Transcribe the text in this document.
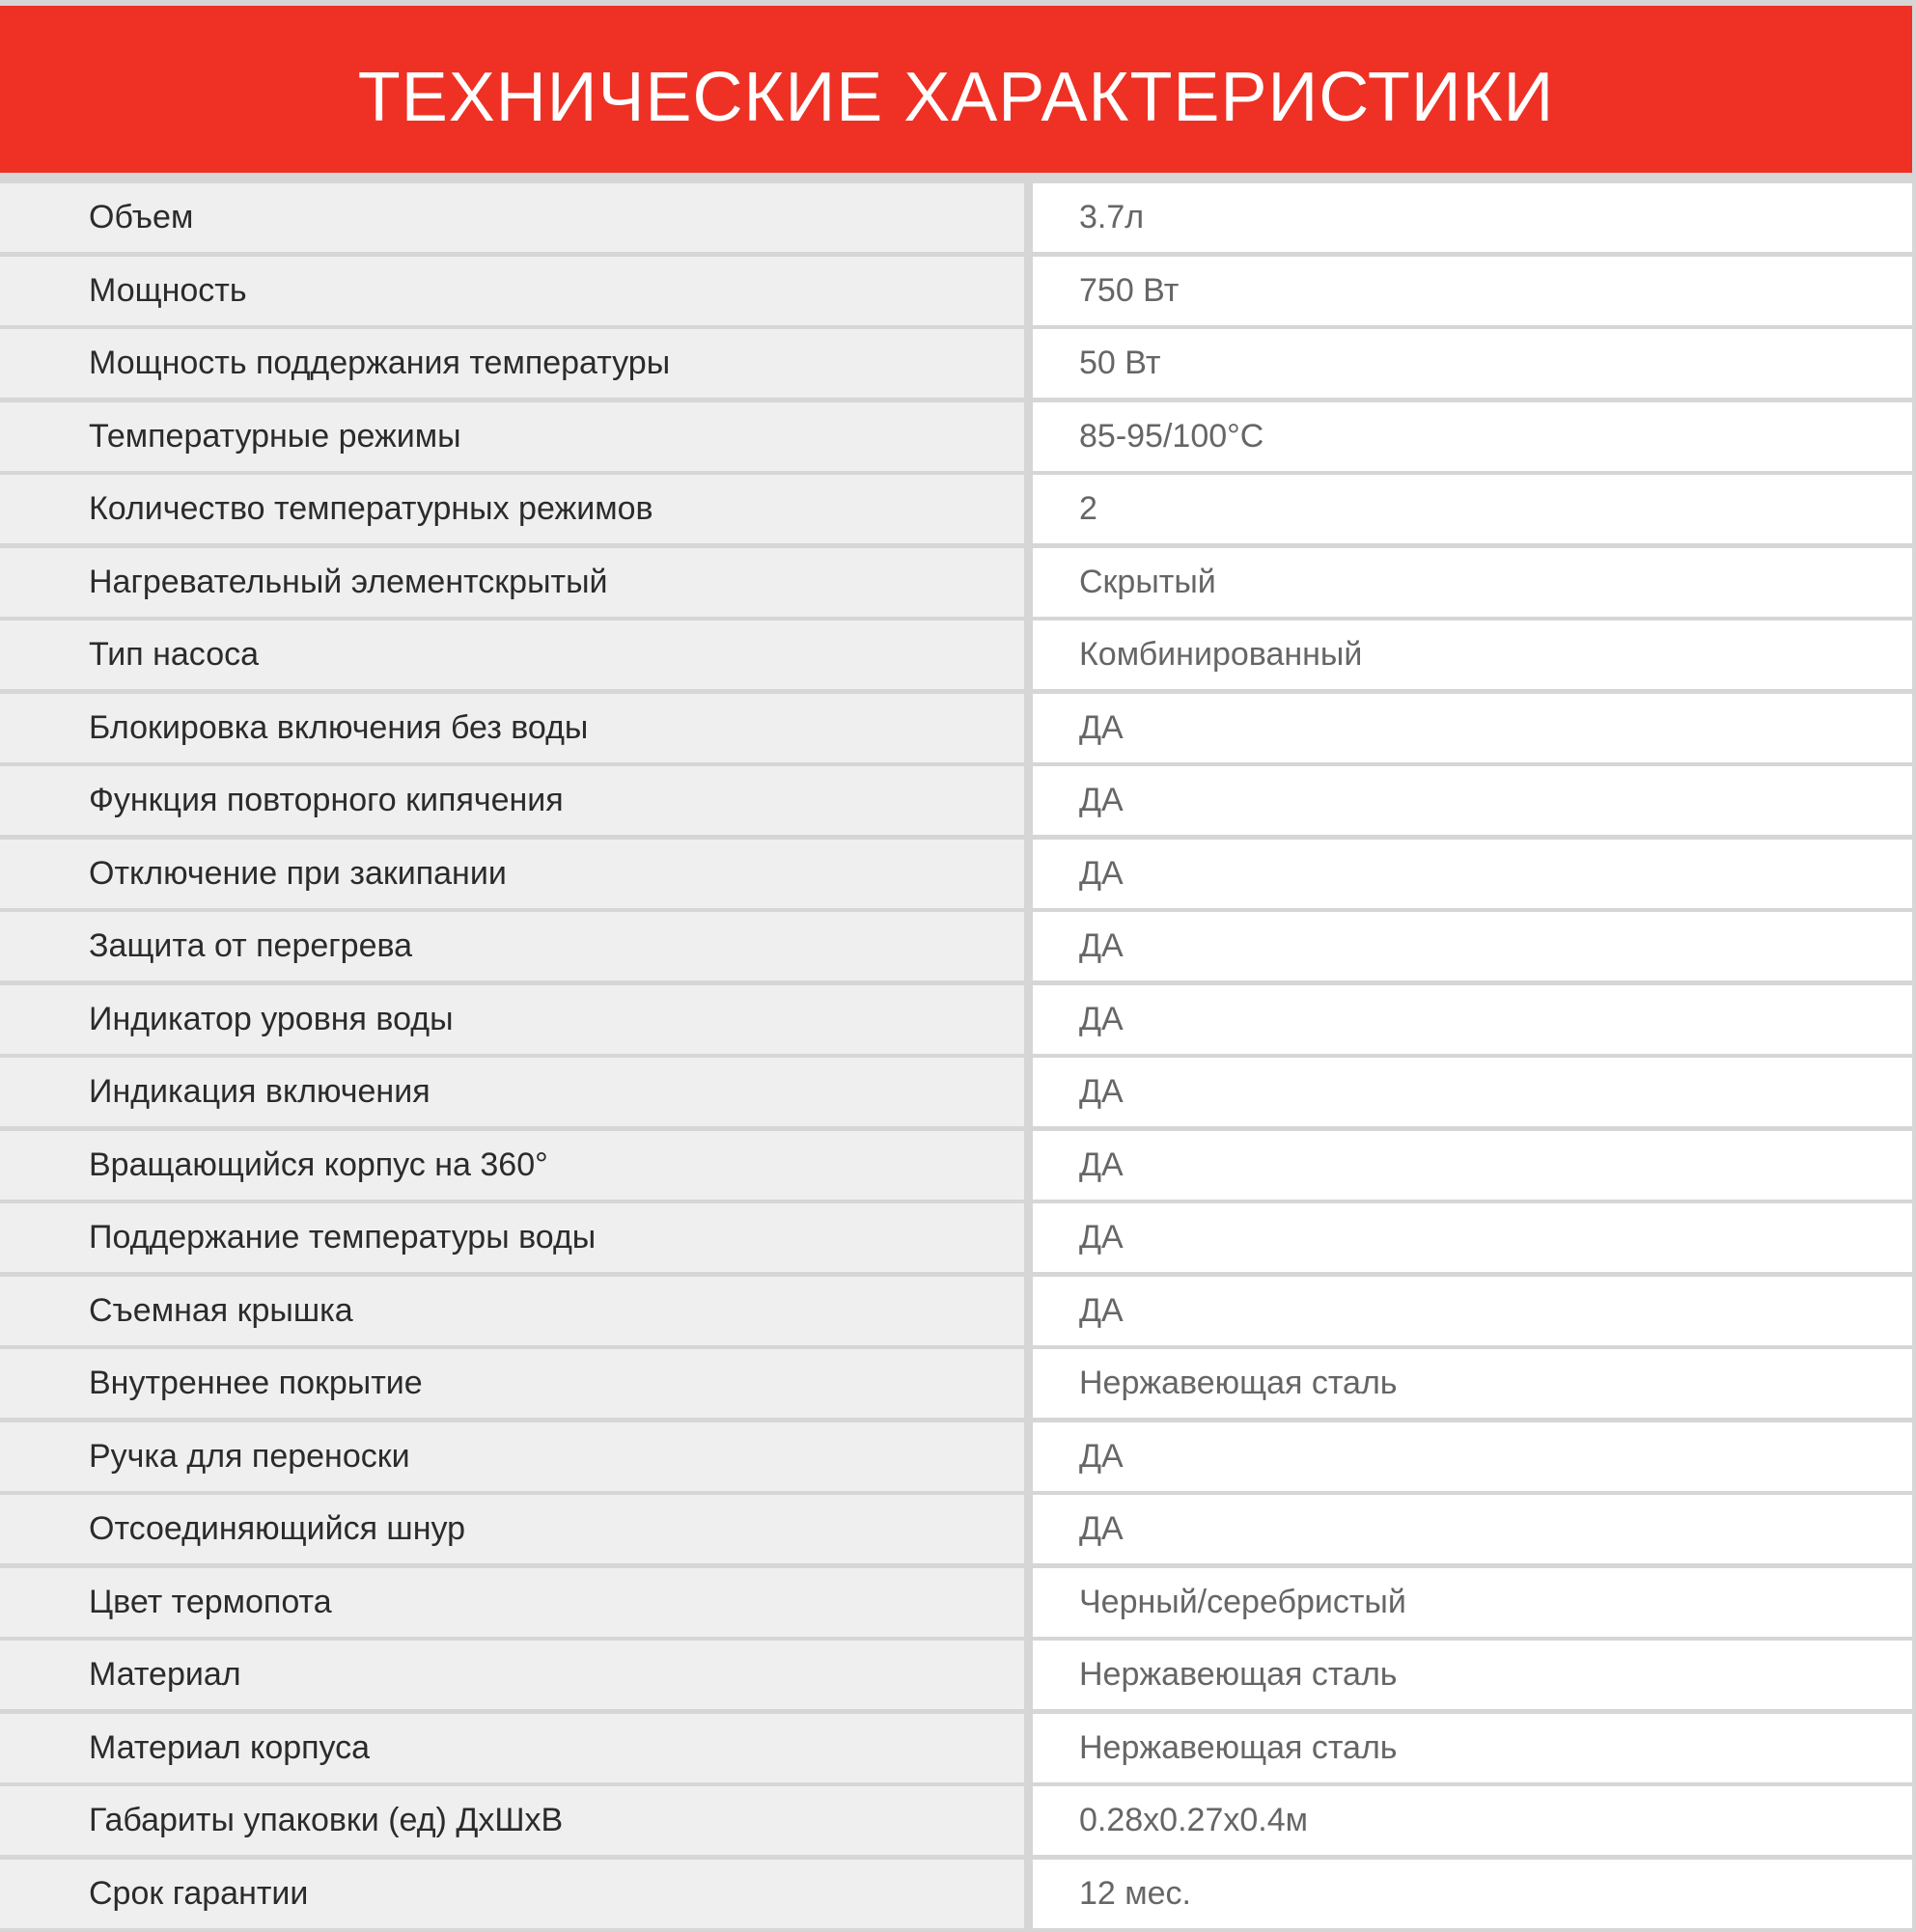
ТЕХНИЧЕСКИЕ ХАРАКТЕРИСТИКИ
Объем	3.7л
Мощность	750 Вт
Мощность поддержания температуры	50 Вт
Температурные режимы	85-95/100°С
Количество температурных режимов	2
Нагревательный элементскрытый	Скрытый
Тип насоса	Комбинированный
Блокировка включения без воды	ДА
Функция повторного кипячения	ДА
Отключение при закипании	ДА
Защита от перегрева	ДА
Индикатор уровня воды	ДА
Индикация включения	ДА
Вращающийся корпус на 360°	ДА
Поддержание температуры воды	ДА
Съемная крышка	ДА
Внутреннее покрытие	Нержавеющая сталь
Ручка для переноски	ДА
Отсоединяющийся шнур	ДА
Цвет термопота	Черный/серебристый
Материал	Нержавеющая сталь
Материал корпуса	Нержавеющая сталь
Габариты упаковки (ед) ДхШхВ	0.28x0.27x0.4м
Срок гарантии	12 мес.
